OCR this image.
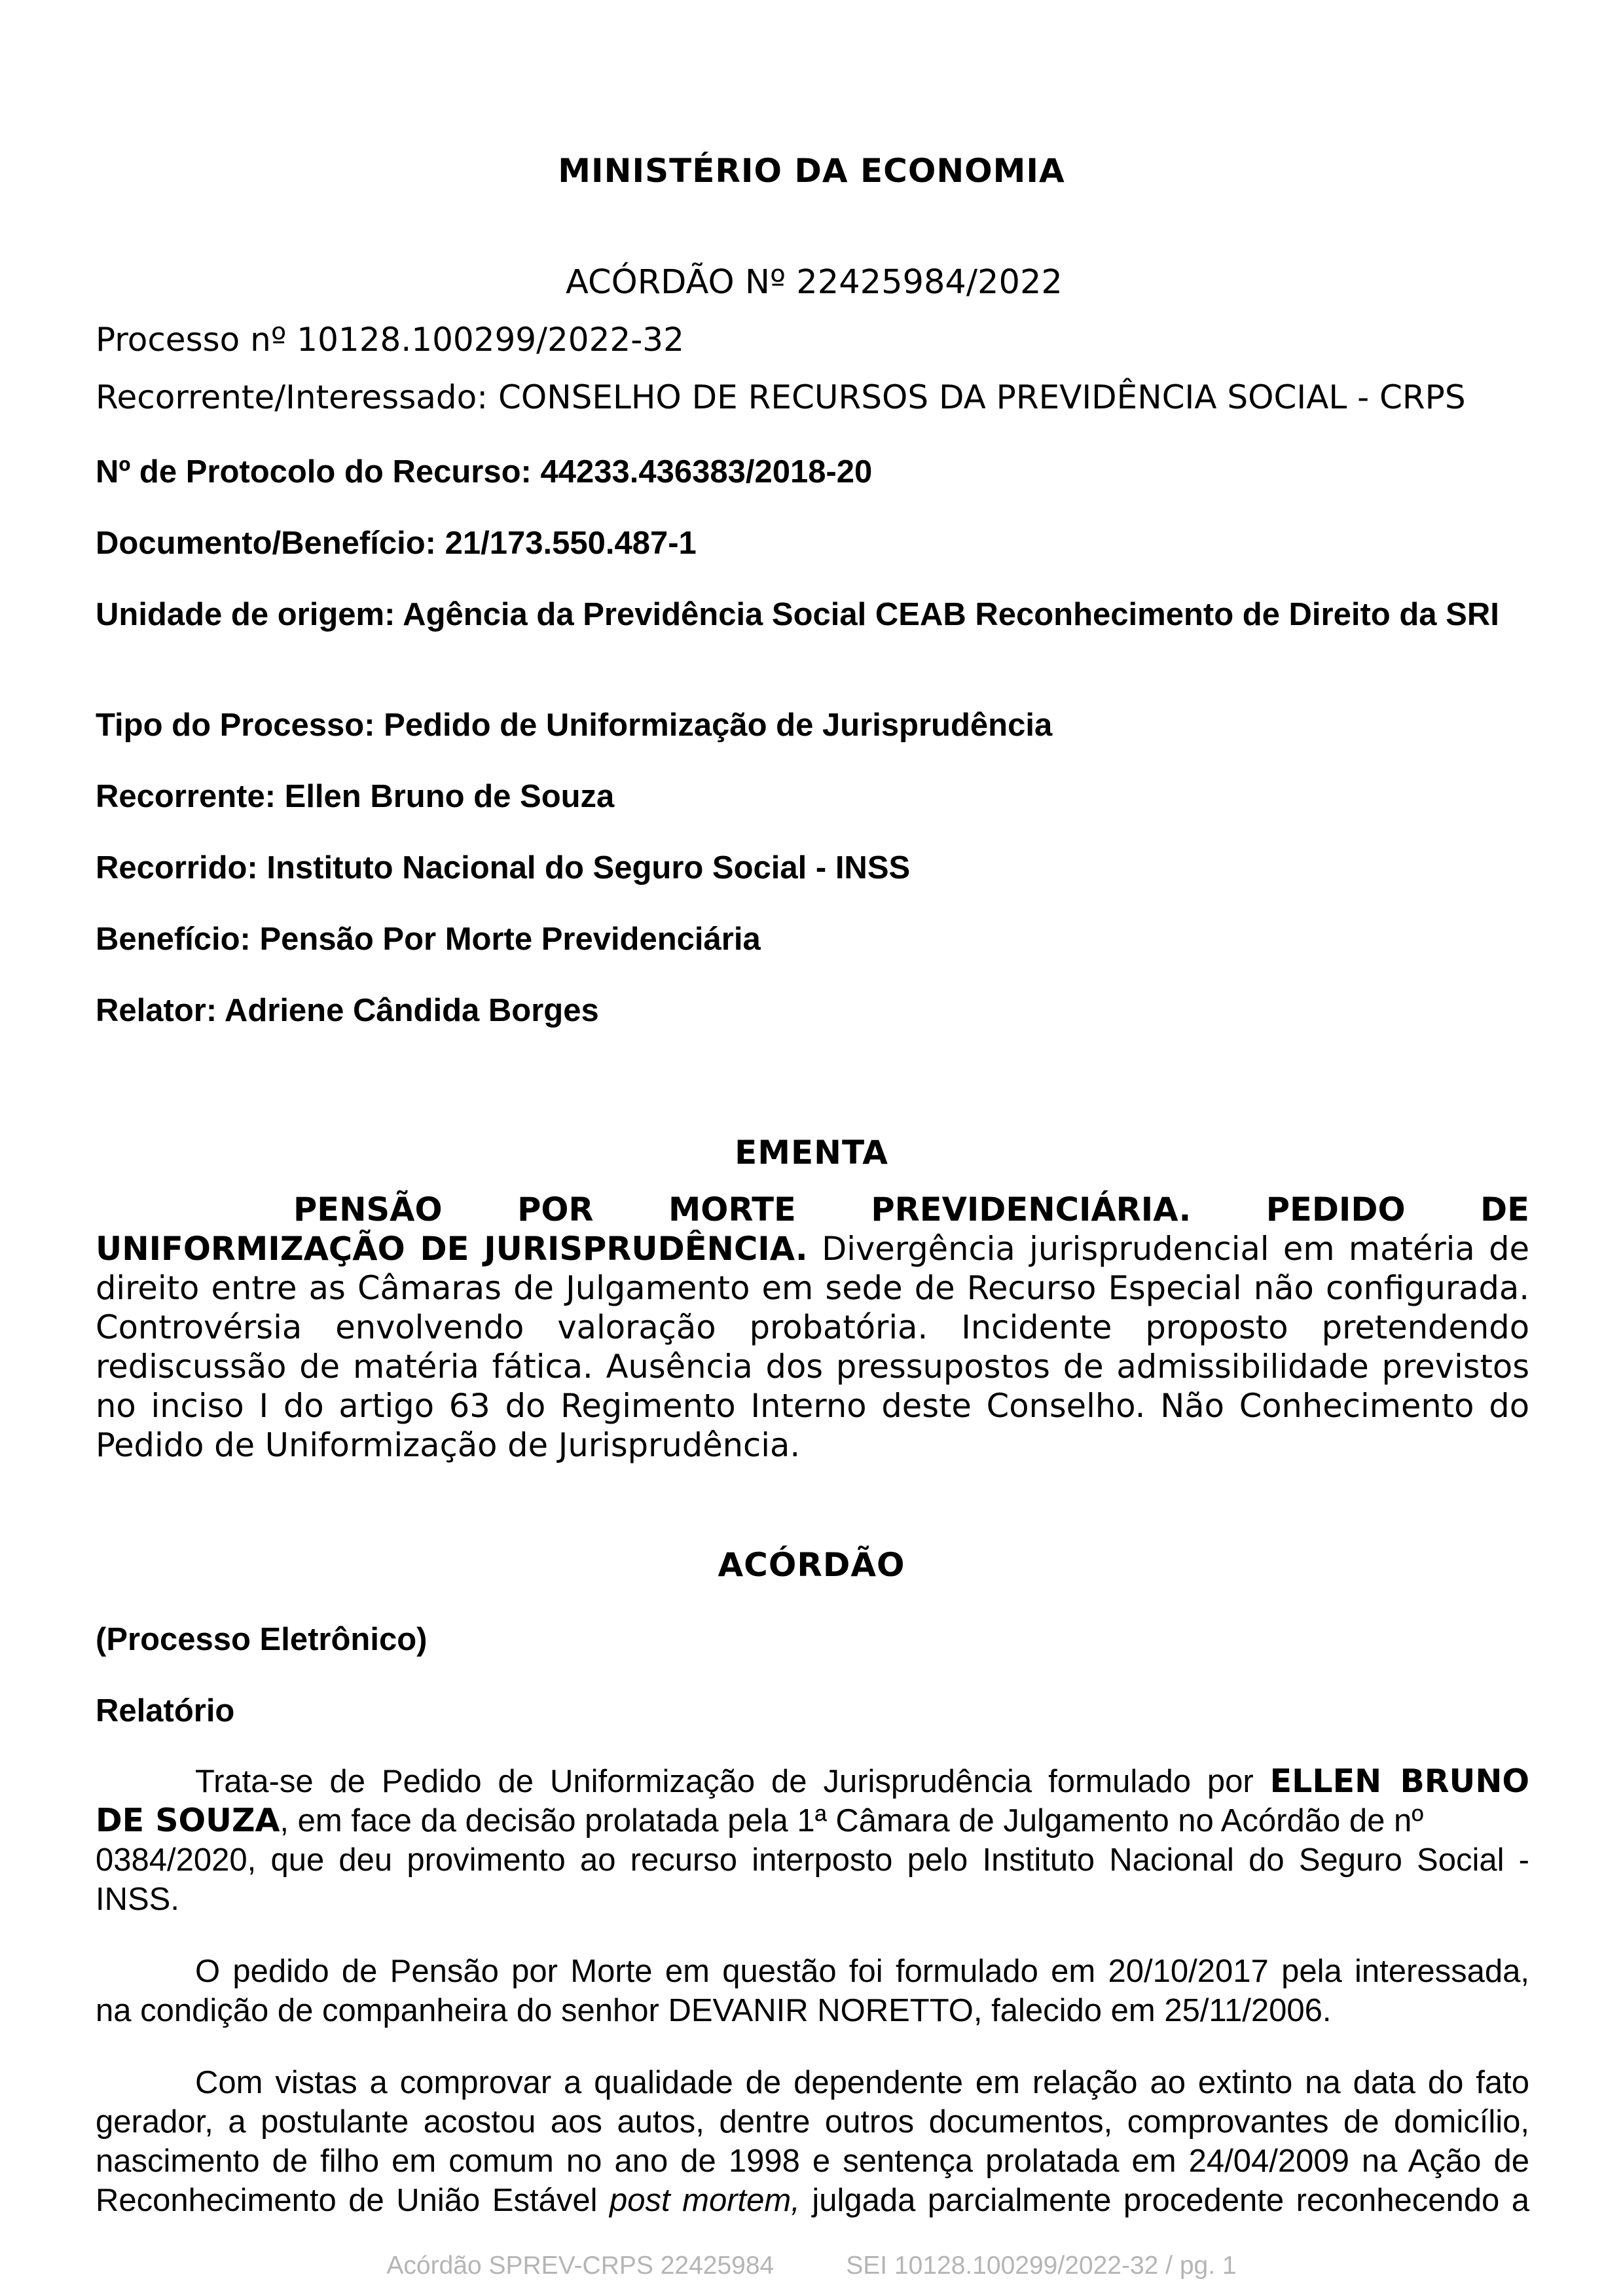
MINISTÉRIO DA ECONOMIA
ACÓRDÃO Nº 22425984/2022
Processo nº 10128.100299/2022-32
Recorrente/Interessado: CONSELHO DE RECURSOS DA PREVIDÊNCIA SOCIAL - CRPS
Nº de Protocolo do Recurso: 44233.436383/2018-20
Documento/Benefício: 21/173.550.487-1
Unidade de origem: Agência da Previdência Social CEAB Reconhecimento de Direito da SRI
Tipo do Processo: Pedido de Uniformização de Jurisprudência
Recorrente: Ellen Bruno de Souza
Recorrido: Instituto Nacional do Seguro Social - INSS
Benefício: Pensão Por Morte Previdenciária
Relator: Adriene Cândida Borges
EMENTA
PENSÃO POR MORTE PREVIDENCIÁRIA. PEDIDO DE
UNIFORMIZAÇÃO DE JURISPRUDÊNCIA. Divergência jurisprudencial em matéria de
direito entre as Câmaras de Julgamento em sede de Recurso Especial não configurada.
Controvérsia envolvendo valoração probatória. Incidente proposto pretendendo
rediscussão de matéria fática. Ausência dos pressupostos de admissibilidade previstos
no inciso I do artigo 63 do Regimento Interno deste Conselho. Não Conhecimento do
Pedido de Uniformização de Jurisprudência.
ACÓRDÃO
(Processo Eletrônico)
Relatório
Trata-se de Pedido de Uniformização de Jurisprudência formulado por ELLEN BRUNO
DE SOUZA, em face da decisão prolatada pela 1ª Câmara de Julgamento no Acórdão de nº
0384/2020, que deu provimento ao recurso interposto pelo Instituto Nacional do Seguro Social -
INSS.
O pedido de Pensão por Morte em questão foi formulado em 20/10/2017 pela interessada,
na condição de companheira do senhor DEVANIR NORETTO, falecido em 25/11/2006.
Com vistas a comprovar a qualidade de dependente em relação ao extinto na data do fato
gerador, a postulante acostou aos autos, dentre outros documentos, comprovantes de domicílio,
nascimento de filho em comum no ano de 1998 e sentença prolatada em 24/04/2009 na Ação de
Reconhecimento de União Estável post mortem, julgada parcialmente procedente reconhecendo a
Acórdão SPREV-CRPS 22425984	SEI 10128.100299/2022-32 / pg. 1
